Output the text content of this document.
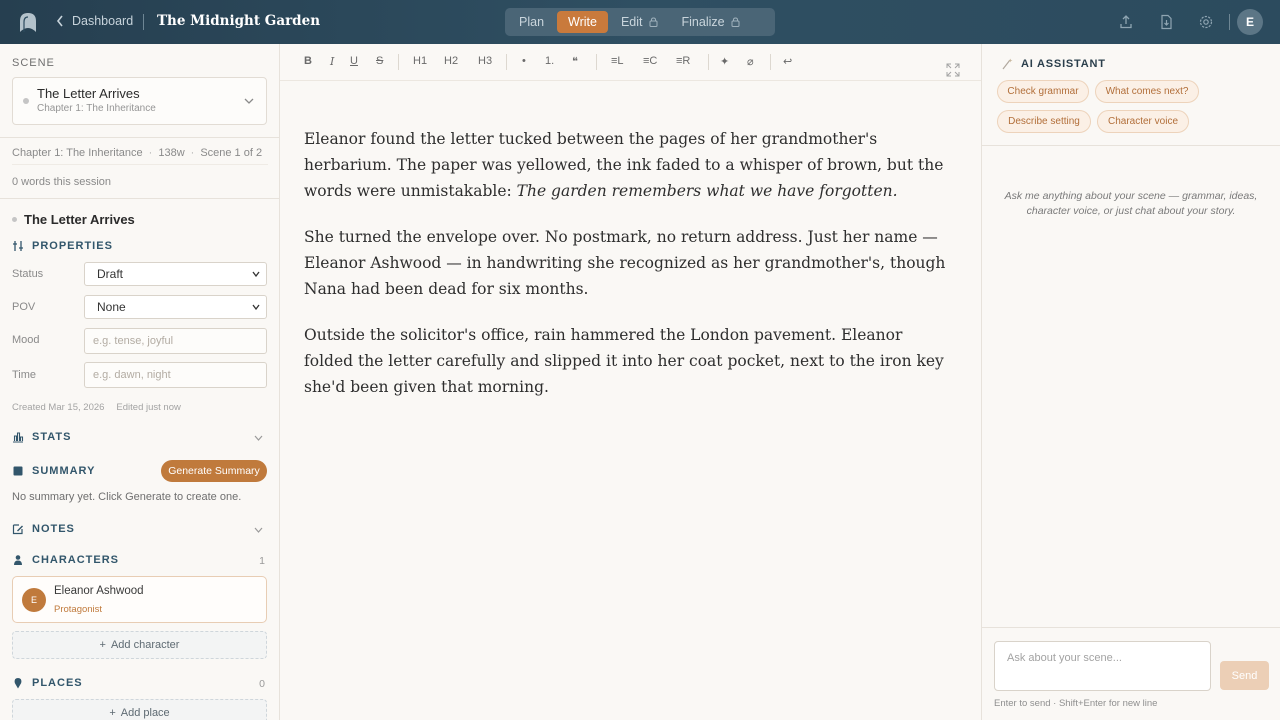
Dashboard The Midnight Garden	Plan Write Edit	Finalize	E
SCENE
The Letter Arrives
Chapter 1: The Inheritance
Chapter 1: The Inheritance · 138w · Scene 1 of 2
0 words this session
The Letter Arrives
PROPERTIES
Status	Draft
POV	None
Mood	e.g. tense, joyful
Time	e.g. dawn, night
Created Mar 15, 2026 Edited just now
STATS
SUMMARY	Generate Summary
No summary yet. Click Generate to create one.
NOTES
CHARACTERS	1
E
Eleanor Ashwood
Protagonist
+ Add character
PLACES	0
+ Add place
B I U S	H1 H2 H3	• 1. ❝	≡L ≡C ≡R	✦ ⌀	↩

Eleanor found the letter tucked between the pages of her grandmother's herbarium. The paper was yellowed, the ink faded to a whisper of brown, but the words were unmistakable: The garden remembers what we have forgotten.

She turned the envelope over. No postmark, no return address. Just her name — Eleanor Ashwood — in handwriting she recognized as her grandmother's, though Nana had been dead for six months.

Outside the solicitor's office, rain hammered the London pavement. Eleanor folded the letter carefully and slipped it into her coat pocket, next to the iron key she'd been given that morning.

AI ASSISTANT
Check grammar	What comes next?
Describe setting	Character voice
Ask me anything about your scene — grammar, ideas, character voice, or just chat about your story.
Ask about your scene...
Send
Enter to send · Shift+Enter for new line
